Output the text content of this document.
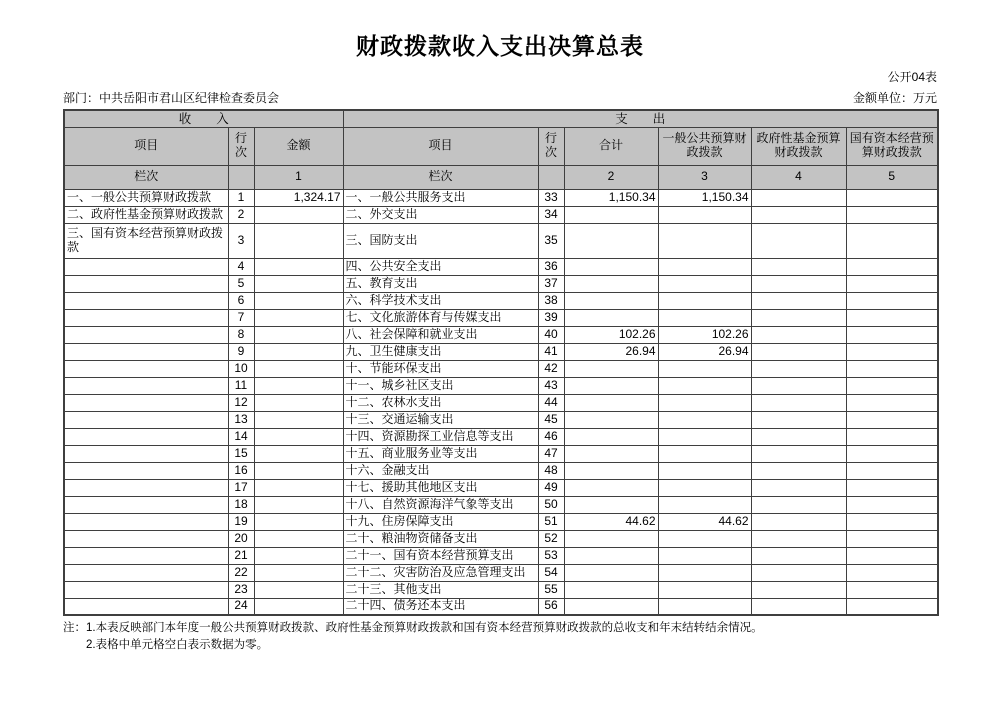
财政拨款收入支出决算总表
公开04表
部门：中共岳阳市君山区纪律检查委员会	金额单位：万元
收　　入			支　　出					
项目	行次	金额	项目	行次	合计	一般公共预算财政拨款	政府性基金预算财政拨款	国有资本经营预算财政拨款
栏次		1	栏次		2	3	4	5
一、一般公共预算财政拨款	1	1,324.17	一、一般公共服务支出	33	1,150.34	1,150.34		
二、政府性基金预算财政拨款	2		二、外交支出	34				
三、国有资本经营预算财政拨款	3		三、国防支出	35				
	4		四、公共安全支出	36				
	5		五、教育支出	37				
	6		六、科学技术支出	38				
	7		七、文化旅游体育与传媒支出	39				
	8		八、社会保障和就业支出	40	102.26	102.26		
	9		九、卫生健康支出	41	26.94	26.94		
	10		十、节能环保支出	42				
	11		十一、城乡社区支出	43				
	12		十二、农林水支出	44				
	13		十三、交通运输支出	45				
	14		十四、资源勘探工业信息等支出	46				
	15		十五、商业服务业等支出	47				
	16		十六、金融支出	48				
	17		十七、援助其他地区支出	49				
	18		十八、自然资源海洋气象等支出	50				
	19		十九、住房保障支出	51	44.62	44.62		
	20		二十、粮油物资储备支出	52				
	21		二十一、国有资本经营预算支出	53				
	22		二十二、灾害防治及应急管理支出	54				
	23		二十三、其他支出	55				
	24		二十四、债务还本支出	56				
注：1.本表反映部门本年度一般公共预算财政拨款、政府性基金预算财政拨款和国有资本经营预算财政拨款的总收支和年末结转结余情况。
2.表格中单元格空白表示数据为零。
